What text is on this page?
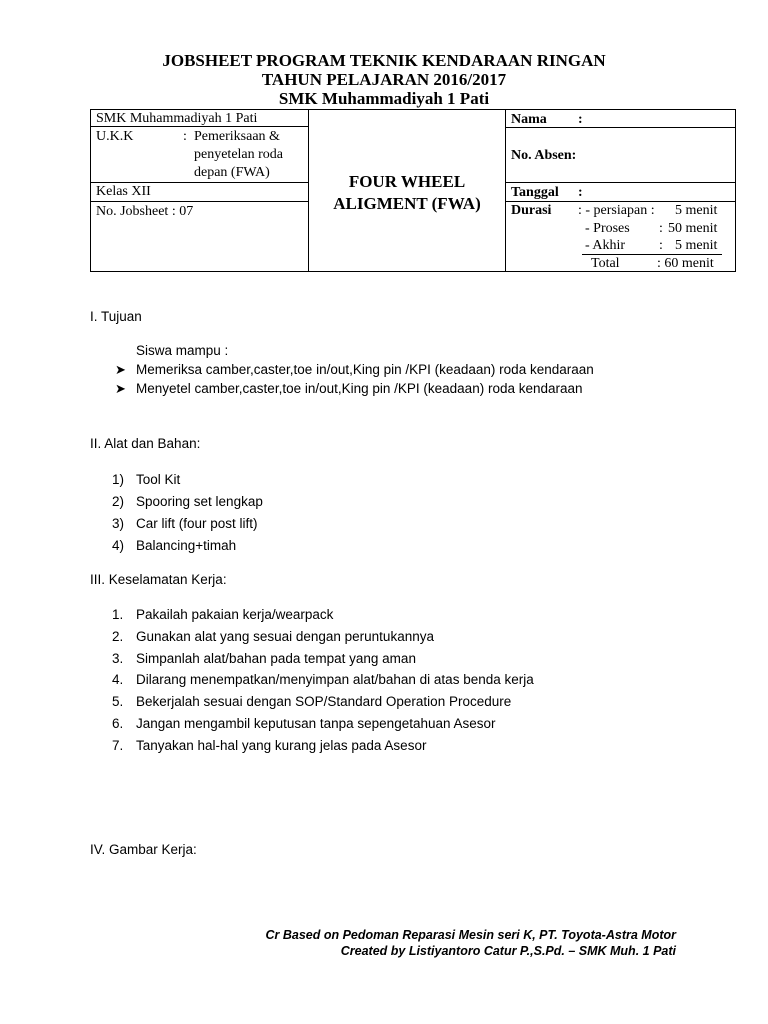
JOBSHEET PROGRAM TEKNIK KENDARAAN RINGAN
TAHUN PELAJARAN 2016/2017
SMK Muhammadiyah 1 Pati
SMK Muhammadiyah 1 Pati
U.K.K	: Pemeriksaan &
penyetelan roda
depan (FWA)
Kelas XII
No. Jobsheet : 07
FOUR WHEEL
ALIGMENT (FWA)
Nama :
No. Absen:
Tanggal :
Durasi : - persiapan : 5 menit
- Proses : 50 menit
- Akhir : 5 menit
Total	: 60 menit
I. Tujuan
Siswa mampu :
➤ Memeriksa camber,caster,toe in/out,King pin /KPI (keadaan) roda kendaraan
➤ Menyetel camber,caster,toe in/out,King pin /KPI (keadaan) roda kendaraan
II. Alat dan Bahan:
1) Tool Kit
2) Spooring set lengkap
3) Car lift (four post lift)
4) Balancing+timah
III. Keselamatan Kerja:
1. Pakailah pakaian kerja/wearpack
2. Gunakan alat yang sesuai dengan peruntukannya
3. Simpanlah alat/bahan pada tempat yang aman
4. Dilarang menempatkan/menyimpan alat/bahan di atas benda kerja
5. Bekerjalah sesuai dengan SOP/Standard Operation Procedure
6. Jangan mengambil keputusan tanpa sepengetahuan Asesor
7. Tanyakan hal-hal yang kurang jelas pada Asesor
IV. Gambar Kerja:
Cr Based on Pedoman Reparasi Mesin seri K, PT. Toyota-Astra Motor
Created by Listiyantoro Catur P.,S.Pd. – SMK Muh. 1 Pati
